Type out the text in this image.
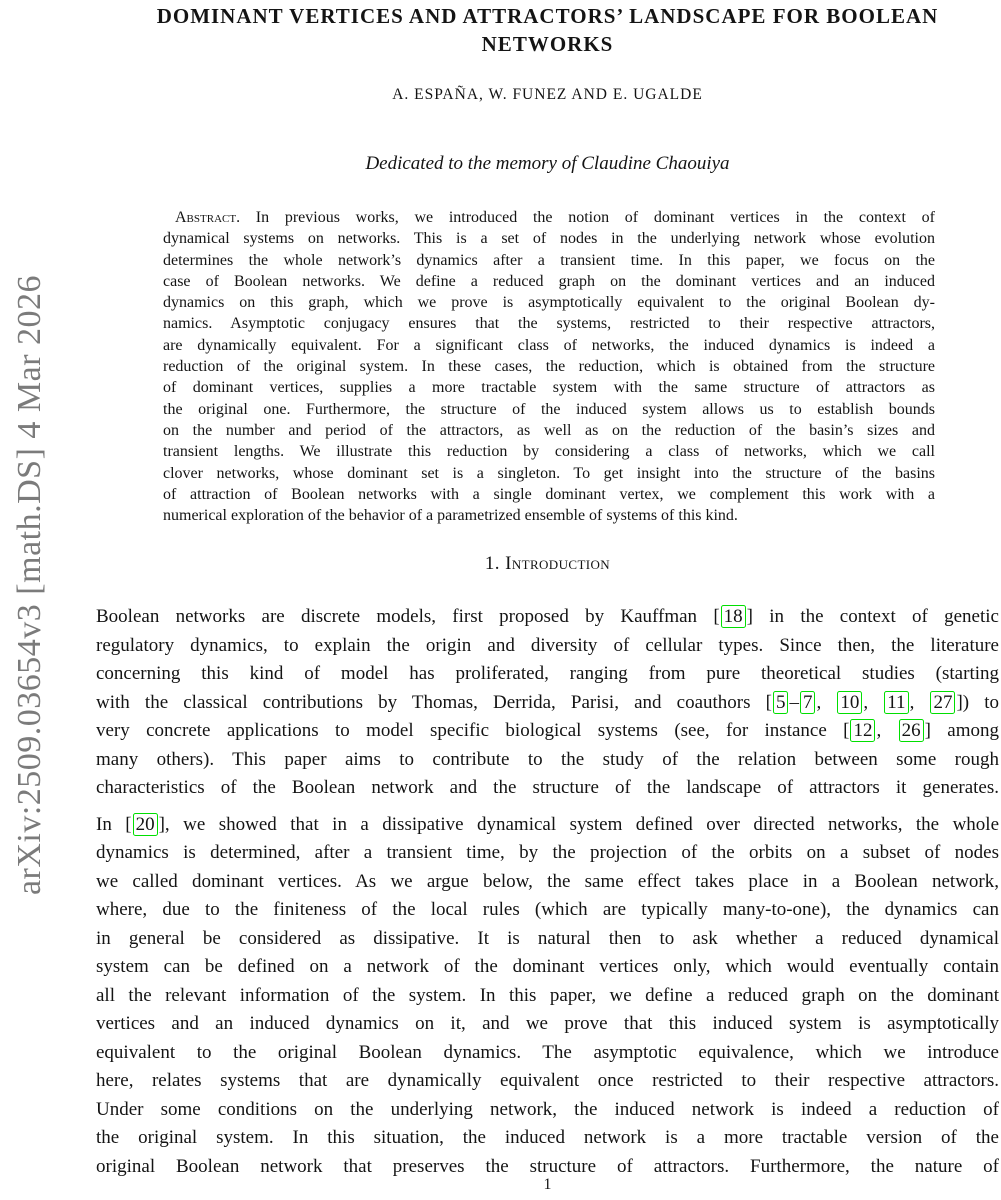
arXiv:2509.03654v3 [math.DS] 4 Mar 2026
DOMINANT VERTICES AND ATTRACTORS’ LANDSCAPE FOR BOOLEAN
NETWORKS
A. ESPAÑA, W. FUNEZ AND E. UGALDE
Dedicated to the memory of Claudine Chaouiya
Abstract. In previous works, we introduced the notion of dominant vertices in the context of
dynamical systems on networks. This is a set of nodes in the underlying network whose evolution
determines the whole network’s dynamics after a transient time. In this paper, we focus on the
case of Boolean networks. We define a reduced graph on the dominant vertices and an induced
dynamics on this graph, which we prove is asymptotically equivalent to the original Boolean dy-
namics. Asymptotic conjugacy ensures that the systems, restricted to their respective attractors,
are dynamically equivalent. For a significant class of networks, the induced dynamics is indeed a
reduction of the original system. In these cases, the reduction, which is obtained from the structure
of dominant vertices, supplies a more tractable system with the same structure of attractors as
the original one. Furthermore, the structure of the induced system allows us to establish bounds
on the number and period of the attractors, as well as on the reduction of the basin’s sizes and
transient lengths. We illustrate this reduction by considering a class of networks, which we call
clover networks, whose dominant set is a singleton. To get insight into the structure of the basins
of attraction of Boolean networks with a single dominant vertex, we complement this work with a
numerical exploration of the behavior of a parametrized ensemble of systems of this kind.
1. Introduction
Boolean networks are discrete models, first proposed by Kauffman [ 18 ] in the context of genetic
regulatory dynamics, to explain the origin and diversity of cellular types. Since then, the literature
concerning this kind of model has proliferated, ranging from pure theoretical studies (starting
with the classical contributions by Thomas, Derrida, Parisi, and coauthors [ 5 – 7 , 10 , 11 , 27 ]) to
very concrete applications to model specific biological systems (see, for instance [ 12 , 26 ] among
many others). This paper aims to contribute to the study of the relation between some rough
characteristics of the Boolean network and the structure of the landscape of attractors it generates.
In [ 20 ], we showed that in a dissipative dynamical system defined over directed networks, the whole
dynamics is determined, after a transient time, by the projection of the orbits on a subset of nodes
we called dominant vertices. As we argue below, the same effect takes place in a Boolean network,
where, due to the finiteness of the local rules (which are typically many-to-one), the dynamics can
in general be considered as dissipative. It is natural then to ask whether a reduced dynamical
system can be defined on a network of the dominant vertices only, which would eventually contain
all the relevant information of the system. In this paper, we define a reduced graph on the dominant
vertices and an induced dynamics on it, and we prove that this induced system is asymptotically
equivalent to the original Boolean dynamics. The asymptotic equivalence, which we introduce
here, relates systems that are dynamically equivalent once restricted to their respective attractors.
Under some conditions on the underlying network, the induced network is indeed a reduction of
the original system. In this situation, the induced network is a more tractable version of the
original Boolean network that preserves the structure of attractors. Furthermore, the nature of
1
